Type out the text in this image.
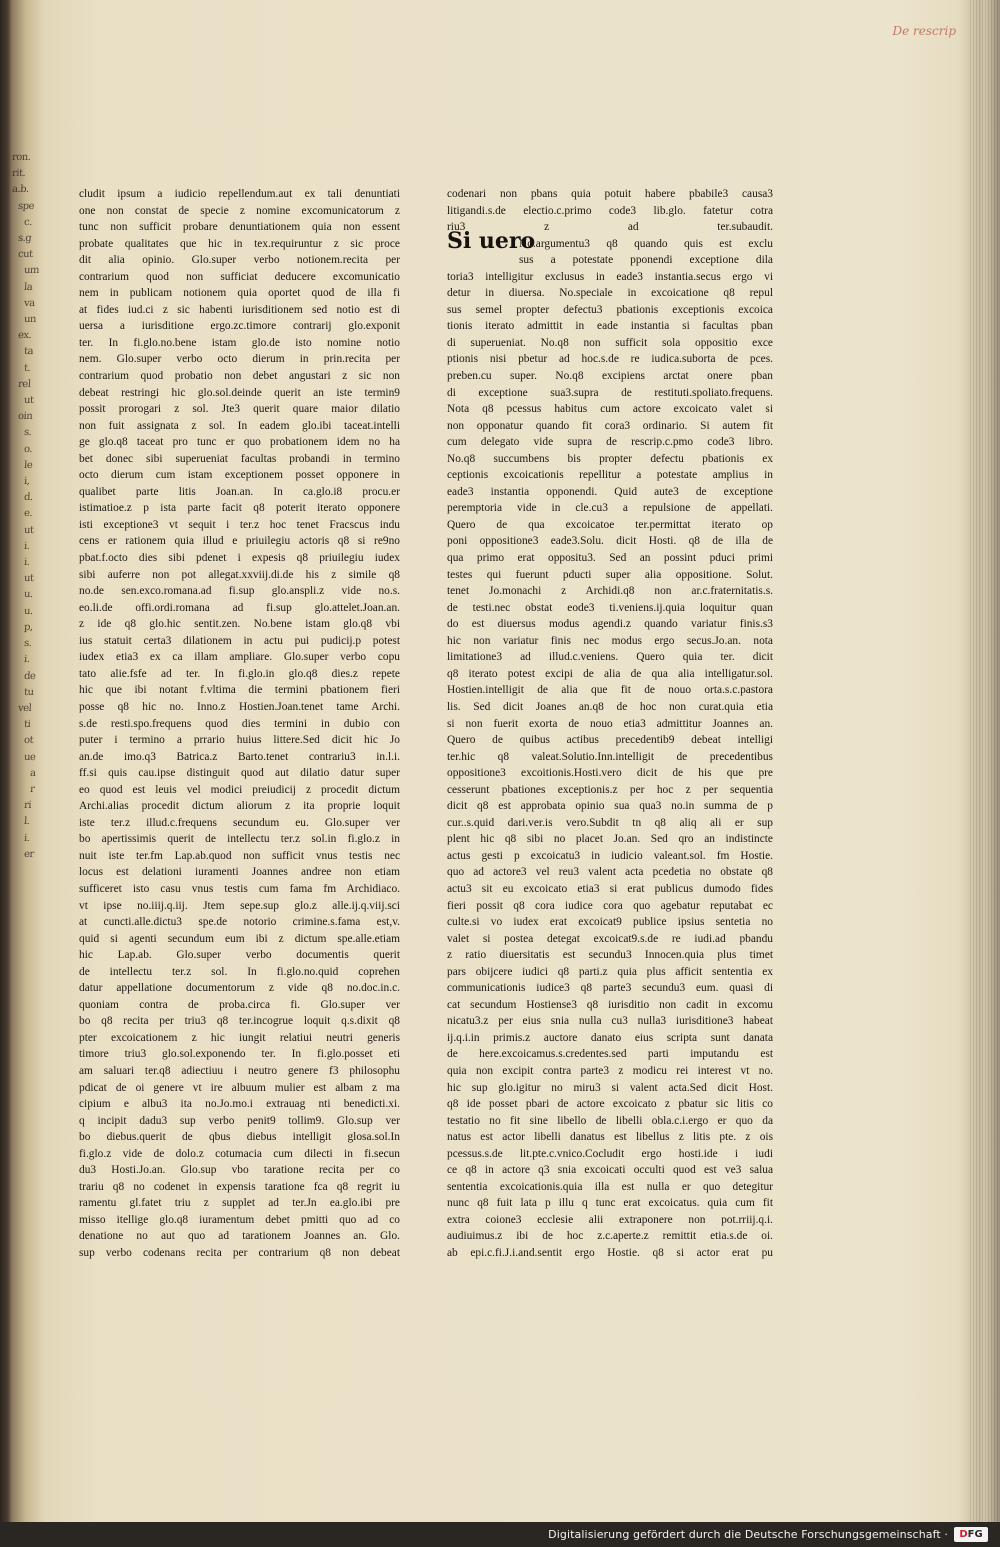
ron.
rit.
a.b.
spe
c.
s.g
cut
um
la
va
un
ex.
ta
t.
rel
ut
oin
s.
o.
le
i,
d.
e.
ut
i.
i.
ut
u.
u.
p,
s.
i.
de
tu
vel
ti
ot
ue
a
r
ri
l.
i.
er
De rescrip
cludit ipsum a iudicio repellendum.aut ex tali denuntiati
one non constat de specie z nomine excomunicatorum z
tunc non sufficit probare denuntiationem quia non essent
probate qualitates que hic in tex.requiruntur z sic proce
dit alia opinio. Glo.super verbo notionem.recita per
contrarium quod non sufficiat deducere excomunicatio
nem in publicam notionem quia oportet quod de illa fi
at fides iud.ci z sic habenti iurisditionem sed notio est di
uersa a iurisditione ergo.zc.timore contrarij glo.exponit
ter. In fi.glo.no.bene istam glo.de isto nomine notio
nem. Glo.super verbo octo dierum in prin.recita per
contrarium quod probatio non debet angustari z sic non
debeat restringi hic glo.sol.deinde querit an iste termin9
possit prorogari z sol. Jte3 querit quare maior dilatio
non fuit assignata z sol. In eadem glo.ibi taceat.intelli
ge glo.q8 taceat pro tunc er quo probationem idem no ha
bet donec sibi superueniat facultas probandi in termino
octo dierum cum istam exceptionem posset opponere in
qualibet parte litis Joan.an. In ca.glo.i8 procu.er
istimatioe.z p ista parte facit q8 poterit iterato opponere
isti exceptione3 vt sequit i ter.z hoc tenet Fracscus indu
cens er rationem quia illud e priuilegiu actoris q8 si re9no
pbat.f.octo dies sibi pdenet i expesis q8 priuilegiu iudex
sibi auferre non pot allegat.xxviij.di.de his z simile q8
no.de sen.exco.romana.ad fi.sup glo.anspli.z vide no.s.
eo.li.de offi.ordi.romana ad fi.sup glo.attelet.Joan.an.
z ide q8 glo.hic sentit.zen. No.bene istam glo.q8 vbi
ius statuit certa3 dilationem in actu pui pudicij.p potest
iudex etia3 ex ca illam ampliare. Glo.super verbo copu
tato alie.fsfe ad ter. In fi.glo.in glo.q8 dies.z repete
hic que ibi notant f.vltima die termini pbationem fieri
posse q8 hic no. Inno.z Hostien.Joan.tenet tame Archi.
s.de resti.spo.frequens quod dies termini in dubio con
puter i termino a prrario huius littere.Sed dicit hic Jo
an.de imo.q3 Batrica.z Barto.tenet contrariu3 in.l.i.
ff.si quis cau.ipse distinguit quod aut dilatio datur super
eo quod est leuis vel modici preiudicij z procedit dictum
Archi.alias procedit dictum aliorum z ita proprie loquit
iste ter.z illud.c.frequens secundum eu. Glo.super ver
bo apertissimis querit de intellectu ter.z sol.in fi.glo.z in
nuit iste ter.fm Lap.ab.quod non sufficit vnus testis nec
locus est delationi iuramenti Joannes andree non etiam
sufficeret isto casu vnus testis cum fama fm Archidiaco.
vt ipse no.iiij.q.iij. Jtem sepe.sup glo.z alle.ij.q.viij.sci
at cuncti.alle.dictu3 spe.de notorio crimine.s.fama est,v.
quid si agenti secundum eum ibi z dictum spe.alle.etiam
hic Lap.ab. Glo.super verbo documentis querit
de intellectu ter.z sol. In fi.glo.no.quid coprehen
datur appellatione documentorum z vide q8 no.doc.in.c.
quoniam contra de proba.circa fi. Glo.super ver
bo q8 recita per triu3 q8 ter.incogrue loquit q.s.dixit q8
pter excoicationem z hic iungit relatiui neutri generis
timore triu3 glo.sol.exponendo ter. In fi.glo.posset eti
am saluari ter.q8 adiectiuu i neutro genere f3 philosophu
pdicat de oi genere vt ire albuum mulier est albam z ma
cipium e albu3 ita no.Jo.mo.i extrauag nti benedicti.xi.
q incipit dadu3 sup verbo penit9 tollim9. Glo.sup ver
bo diebus.querit de qbus diebus intelligit glosa.sol.In
fi.glo.z vide de dolo.z cotumacia cum dilecti in fi.secun
du3 Hosti.Jo.an. Glo.sup vbo taratione recita per co
trariu q8 no codenet in expensis taratione fca q8 regrit iu
ramentu gl.fatet triu z supplet ad ter.Jn ea.glo.ibi pre
misso itellige glo.q8 iuramentum debet pmitti quo ad co
denatione no aut quo ad tarationem Joannes an. Glo.
sup verbo codenans recita per contrarium q8 non debeat
Si uero
codenari non pbans quia potuit habere pbabile3 causa3
litigandi.s.de electio.c.primo code3 lib.glo. fatetur cotra
riu3 z ad ter.subaudit.
No.argumentu3 q8 quando quis est exclu
sus a potestate pponendi exceptione dila
toria3 intelligitur exclusus in eade3 instantia.secus ergo vi
detur in diuersa. No.speciale in excoicatione q8 repul
sus semel propter defectu3 pbationis exceptionis excoica
tionis iterato admittit in eade instantia si facultas pban
di superueniat. No.q8 non sufficit sola oppositio exce
ptionis nisi pbetur ad hoc.s.de re iudica.suborta de pces.
preben.cu super. No.q8 excipiens arctat onere pban
di exceptione sua3.supra de restituti.spoliato.frequens.
Nota q8 pcessus habitus cum actore excoicato valet si
non opponatur quando fit cora3 ordinario. Si autem fit
cum delegato vide supra de rescrip.c.pmo code3 libro.
No.q8 succumbens bis propter defectu pbationis ex
ceptionis excoicationis repellitur a potestate amplius in
eade3 instantia opponendi. Quid aute3 de exceptione
peremptoria vide in cle.cu3 a repulsione de appellati.
Quero de qua excoicatoe ter.permittat iterato op
poni oppositione3 eade3.Solu. dicit Hosti. q8 de illa de
qua primo erat oppositu3. Sed an possint pduci primi
testes qui fuerunt pducti super alia oppositione. Solut.
tenet Jo.monachi z Archidi.q8 non ar.c.fraternitatis.s.
de testi.nec obstat eode3 ti.veniens.ij.quia loquitur quan
do est diuersus modus agendi.z quando variatur finis.s3
hic non variatur finis nec modus ergo secus.Jo.an. nota
limitatione3 ad illud.c.veniens. Quero quia ter. dicit
q8 iterato potest excipi de alia de qua alia intelligatur.sol.
Hostien.intelligit de alia que fit de nouo orta.s.c.pastora
lis. Sed dicit Joanes an.q8 de hoc non curat.quia etia
si non fuerit exorta de nouo etia3 admittitur Joannes an.
Quero de quibus actibus precedentib9 debeat intelligi
ter.hic q8 valeat.Solutio.Inn.intelligit de precedentibus
oppositione3 excoitionis.Hosti.vero dicit de his que pre
cesserunt pbationes exceptionis.z per hoc z per sequentia
dicit q8 est approbata opinio sua qua3 no.in summa de p
cur..s.quid dari.ver.is vero.Subdit tn q8 aliq ali er sup
plent hic q8 sibi no placet Jo.an. Sed qro an indistincte
actus gesti p excoicatu3 in iudicio valeant.sol. fm Hostie.
quo ad actore3 vel reu3 valent acta pcedetia no obstate q8
actu3 sit eu excoicato etia3 si erat publicus dumodo fides
fieri possit q8 cora iudice cora quo agebatur reputabat ec
culte.si vo iudex erat excoicat9 publice ipsius sentetia no
valet si postea detegat excoicat9.s.de re iudi.ad pbandu
z ratio diuersitatis est secundu3 Innocen.quia plus timet
pars obijcere iudici q8 parti.z quia plus afficit sententia ex
communicationis iudice3 q8 parte3 secundu3 eum. quasi di
cat secundum Hostiense3 q8 iurisditio non cadit in excomu
nicatu3.z per eius snia nulla cu3 nulla3 iurisditione3 habeat
ij.q.i.in primis.z auctore danato eius scripta sunt danata
de here.excoicamus.s.credentes.sed parti imputandu est
quia non excipit contra parte3 z modicu rei interest vt no.
hic sup glo.igitur no miru3 si valent acta.Sed dicit Host.
q8 ide posset pbari de actore excoicato z pbatur sic litis co
testatio no fit sine libello de libelli obla.c.i.ergo er quo da
natus est actor libelli danatus est libellus z litis pte. z ois
pcessus.s.de lit.pte.c.vnico.Cocludit ergo hosti.ide i iudi
ce q8 in actore q3 snia excoicati occulti quod est ve3 salua
sententia excoicationis.quia illa est nulla er quo detegitur
nunc q8 fuit lata p illu q tunc erat excoicatus. quia cum fit
extra coione3 ecclesie alii extraponere non pot.rriij.q.i.
audiuimus.z ibi de hoc z.c.aperte.z remittit etia.s.de oi.
ab epi.c.fi.J.i.and.sentit ergo Hostie. q8 si actor erat pu
Digitalisierung gefördert durch die Deutsche Forschungsgemeinschaft ·	DFG
